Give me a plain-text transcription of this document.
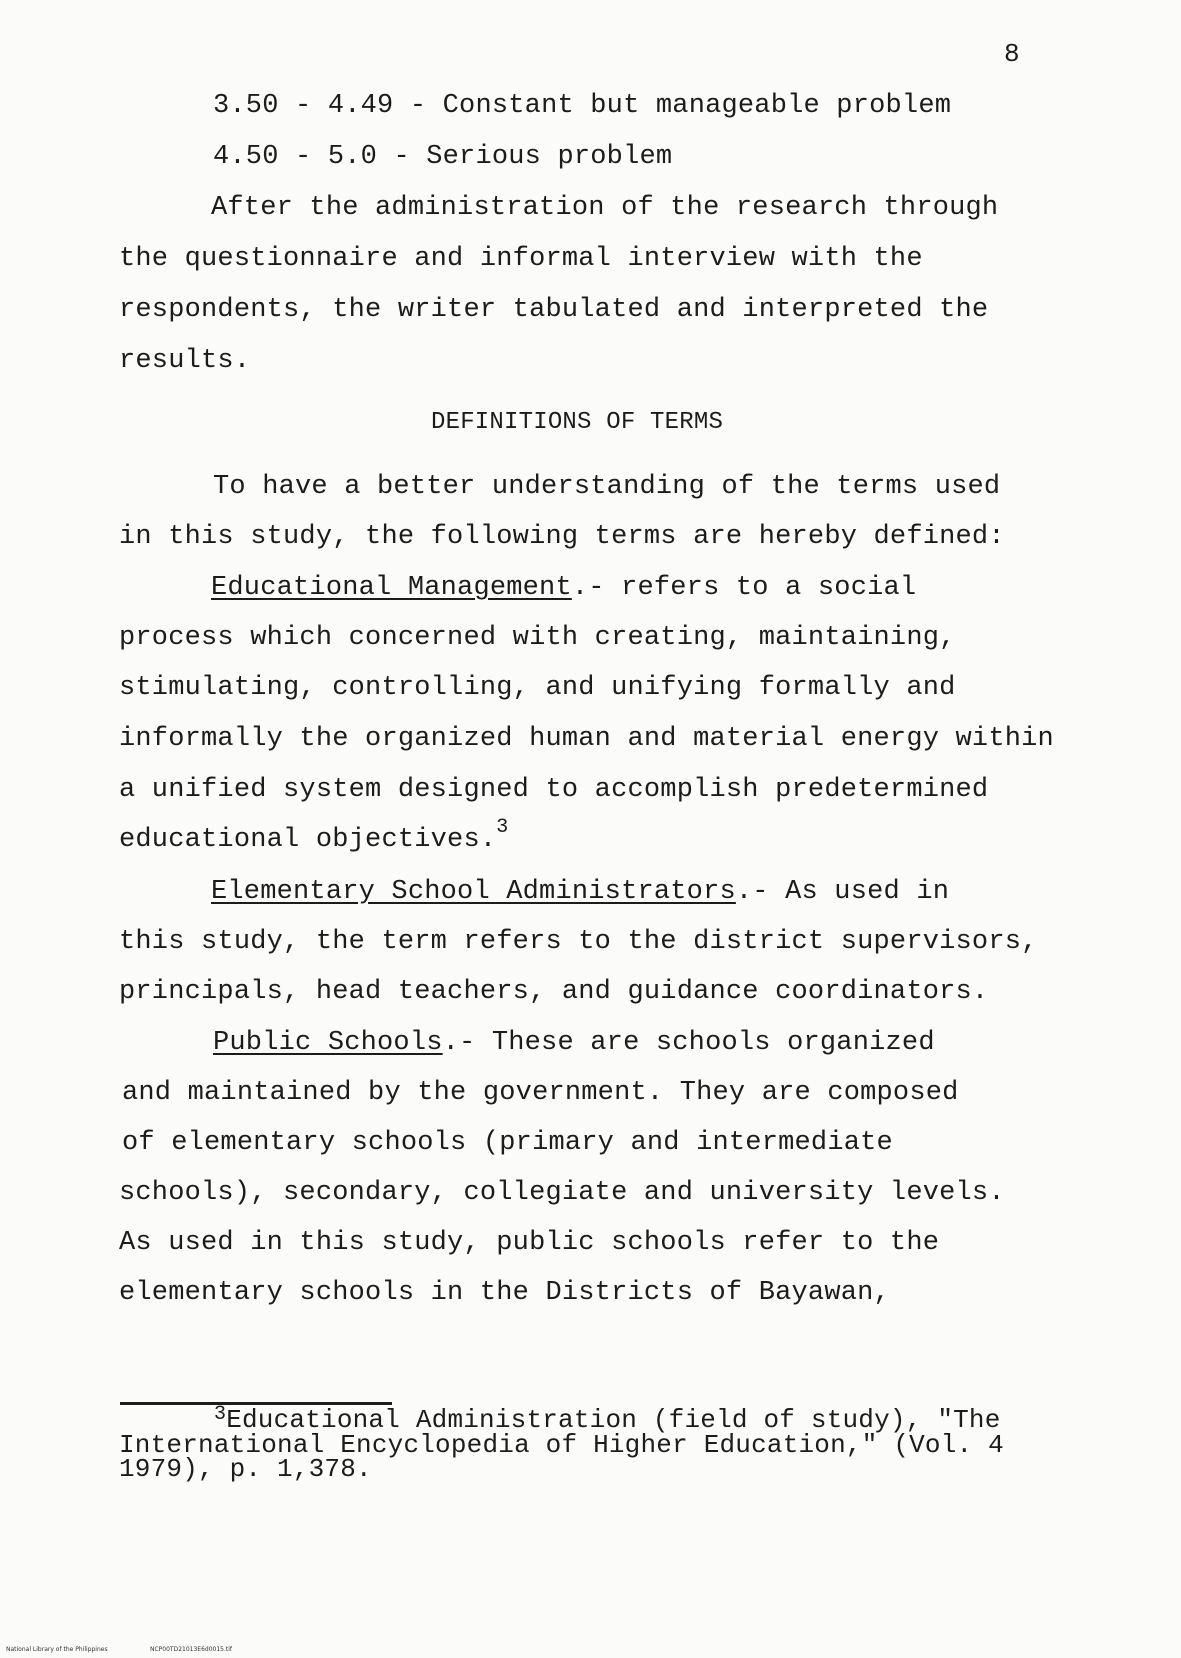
8
3.50 - 4.49 - Constant but manageable problem
4.50 - 5.0 - Serious problem
After the administration of the research through
the questionnaire and informal interview with the
respondents, the writer tabulated and interpreted the
results.
DEFINITIONS OF TERMS
To have a better understanding of the terms used
in this study, the following terms are hereby defined:
Educational Management.- refers to a social
process which concerned with creating, maintaining,
stimulating, controlling, and unifying formally and
informally the organized human and material energy within
a unified system designed to accomplish predetermined
educational objectives.$^3$
Elementary School Administrators.- As used in
this study, the term refers to the district supervisors,
principals, head teachers, and guidance coordinators.
Public Schools.- These are schools organized
and maintained by the government. They are composed
of elementary schools (primary and intermediate
schools), secondary, collegiate and university levels.
As used in this study, public schools refer to the
elementary schools in the Districts of Bayawan,
$^3$Educational Administration (field of study), "The
International Encyclopedia of Higher Education," (Vol. 4
1979), p. 1,378.
National Library of the Philippines	NCP00TD21013E6d0015.tif
